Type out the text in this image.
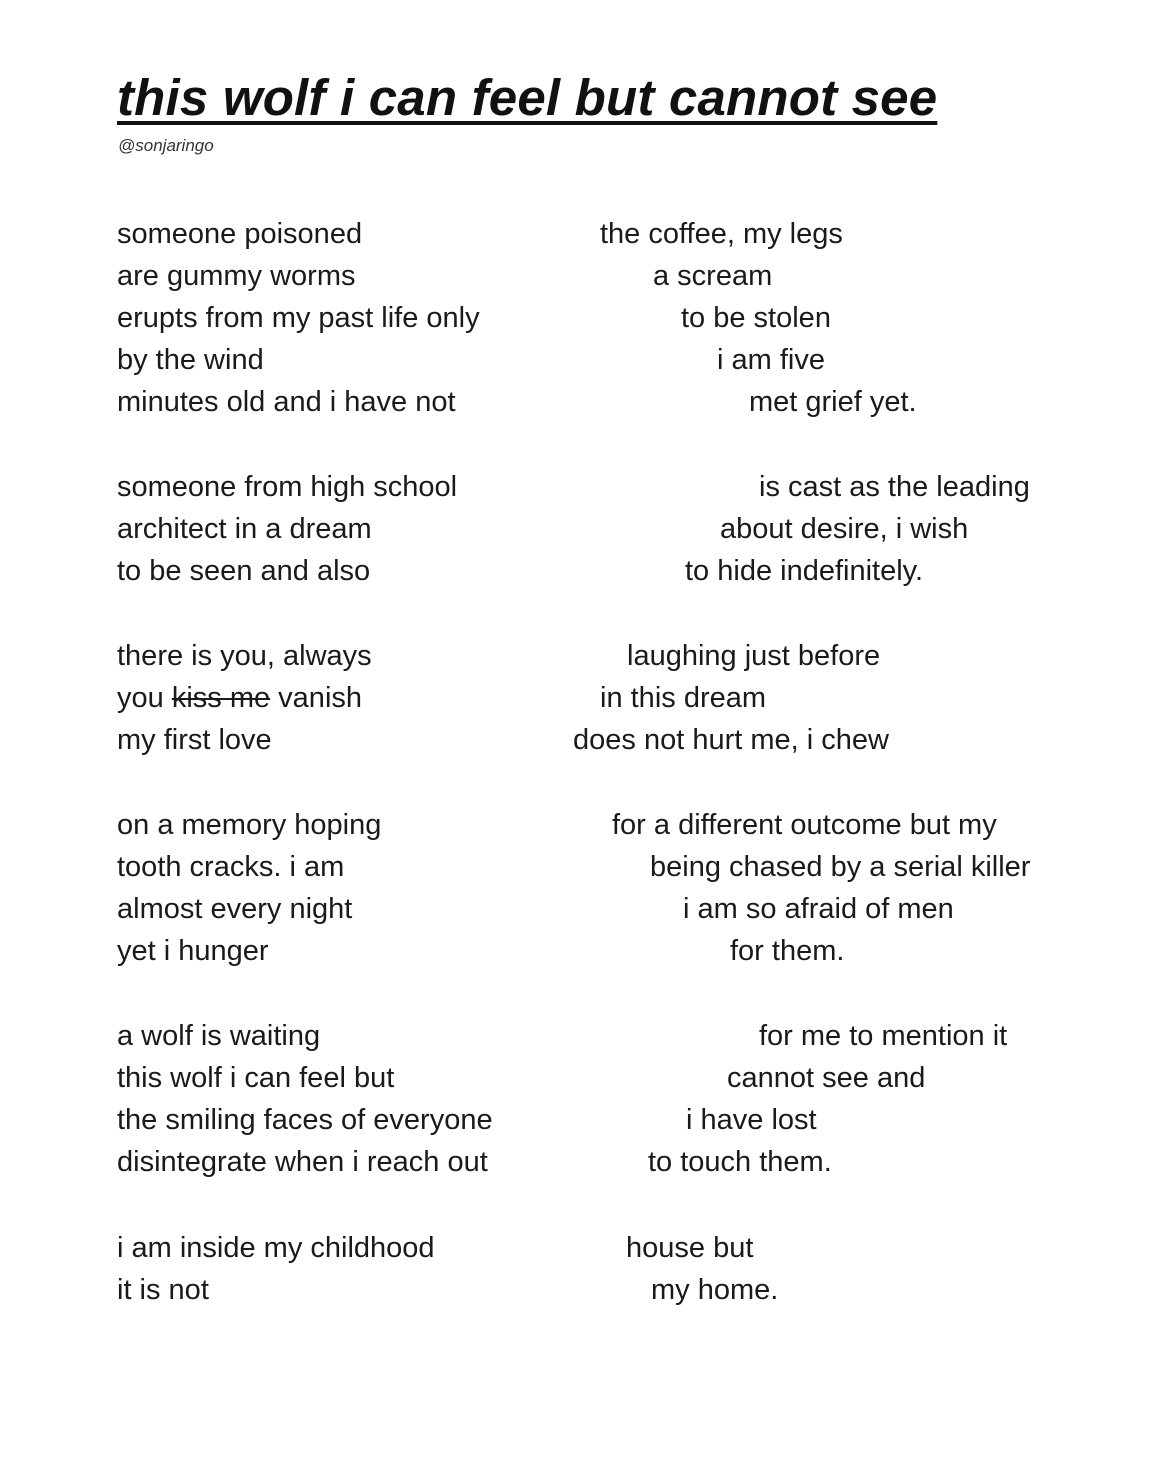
this wolf i can feel but cannot see
@sonjaringo
someone poisoned
are gummy worms
erupts from my past life only
by the wind
minutes old and i have not
someone from high school
architect in a dream
to be seen and also
there is you, always
you kiss me vanish
my first love
on a memory hoping
tooth cracks. i am
almost every night
yet i hunger
a wolf is waiting
this wolf i can feel but
the smiling faces of everyone
disintegrate when i reach out
i am inside my childhood
it is not
the coffee, my legs
a scream
to be stolen
i am five
met grief yet.
is cast as the leading
about desire, i wish
to hide indefinitely.
laughing just before
in this dream
does not hurt me, i chew
for a different outcome but my
being chased by a serial killer
i am so afraid of men
for them.
for me to mention it
cannot see and
i have lost
to touch them.
house but
my home.
